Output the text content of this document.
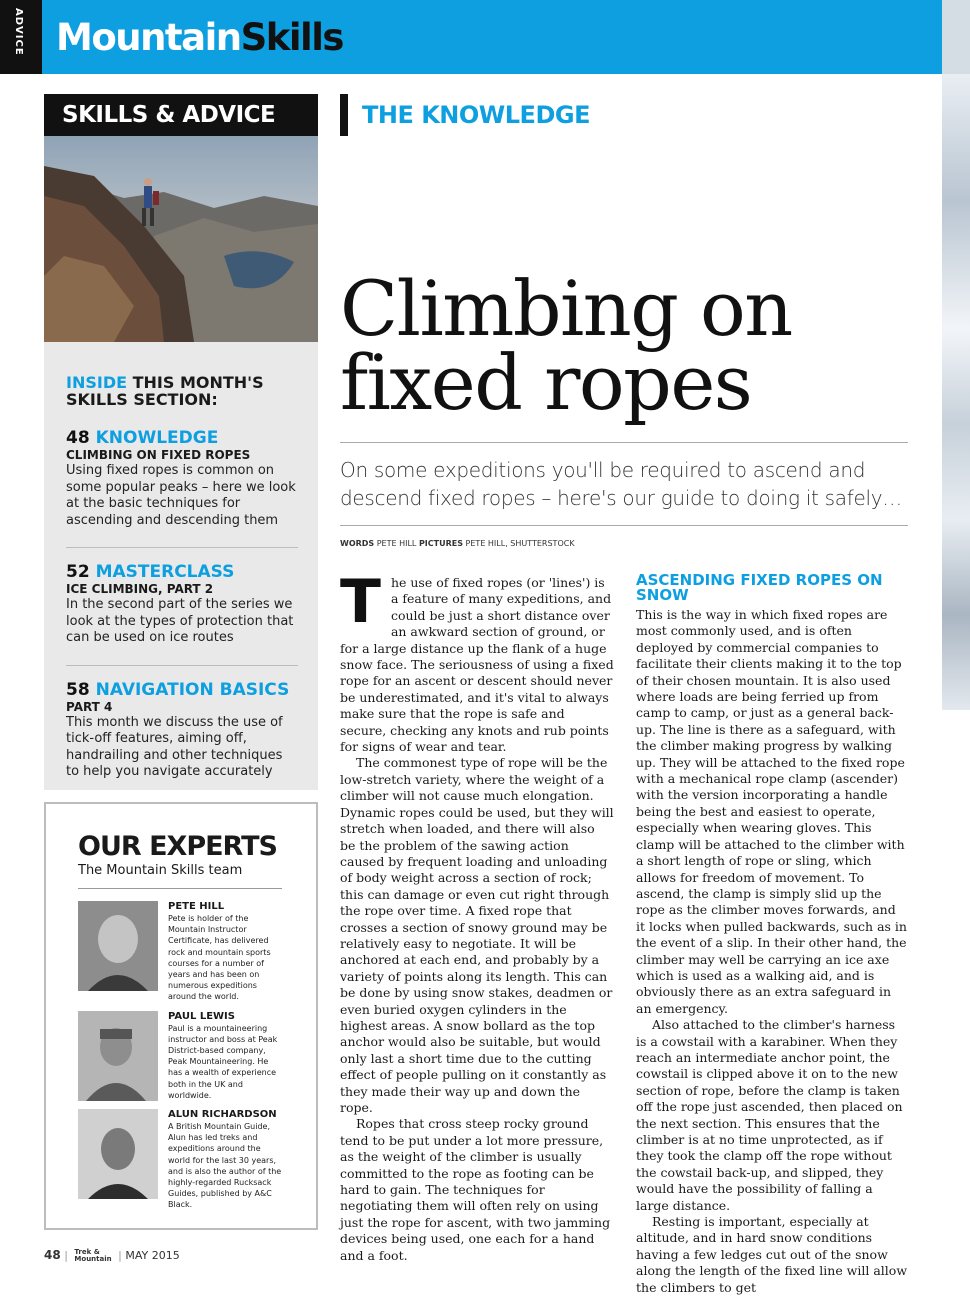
ADVICE MountainSkills
SKILLS & ADVICE
INSIDE THIS MONTH'S
SKILLS SECTION:
48 KNOWLEDGE
CLIMBING ON FIXED ROPES
Using fixed ropes is common on some popular peaks – here we look at the basic techniques for ascending and descending them
52 MASTERCLASS
ICE CLIMBING, PART 2
In the second part of the series we look at the types of protection that can be used on ice routes
58 NAVIGATION BASICS
PART 4
This month we discuss the use of tick-off features, aiming off, handrailing and other techniques to help you navigate accurately
OUR EXPERTS
The Mountain Skills team
PETE HILL
Pete is holder of the Mountain Instructor Certificate, has delivered rock and mountain sports courses for a number of years and has been on numerous expeditions around the world.
PAUL LEWIS
Paul is a mountaineering instructor and boss at Peak District-based company, Peak Mountaineering. He has a wealth of experience both in the UK and worldwide.
ALUN RICHARDSON
A British Mountain Guide, Alun has led treks and expeditions around the world for the last 30 years, and is also the author of the highly-regarded Rucksack Guides, published by A&C Black.
THE KNOWLEDGE
Climbing on
fixed ropes
On some expeditions you'll be required to ascend and descend fixed ropes – here's our guide to doing it safely…
WORDS PETE HILL PICTURES PETE HILL, SHUTTERSTOCK
T he use of fixed ropes (or 'lines') is a feature of many expeditions, and could be just a short distance over an awkward section of ground, or for a large distance up the flank of a huge snow face. The seriousness of using a fixed rope for an ascent or descent should never be underestimated, and it's vital to always make sure that the rope is safe and secure, checking any knots and rub points for signs of wear and tear.

The commonest type of rope will be the low-stretch variety, where the weight of a climber will not cause much elongation. Dynamic ropes could be used, but they will stretch when loaded, and there will also be the problem of the sawing action caused by frequent loading and unloading of body weight across a section of rock; this can damage or even cut right through the rope over time. A fixed rope that crosses a section of snowy ground may be relatively easy to negotiate. It will be anchored at each end, and probably by a variety of points along its length. This can be done by using snow stakes, deadmen or even buried oxygen cylinders in the highest areas. A snow bollard as the top anchor would also be suitable, but would only last a short time due to the cutting effect of people pulling on it constantly as they made their way up and down the rope.

Ropes that cross steep rocky ground tend to be put under a lot more pressure, as the weight of the climber is usually committed to the rope as footing can be hard to gain. The techniques for negotiating them will often rely on using just the rope for ascent, with two jamming devices being used, one each for a hand and a foot.

ASCENDING FIXED ROPES ON SNOW

This is the way in which fixed ropes are most commonly used, and is often deployed by commercial companies to facilitate their clients making it to the top of their chosen mountain. It is also used where loads are being ferried up from camp to camp, or just as a general back-up. The line is there as a safeguard, with the climber making progress by walking up. They will be attached to the fixed rope with a mechanical rope clamp (ascender) with the version incorporating a handle being the best and easiest to operate, especially when wearing gloves. This clamp will be attached to the climber with a short length of rope or sling, which allows for freedom of movement. To ascend, the clamp is simply slid up the rope as the climber moves forwards, and it locks when pulled backwards, such as in the event of a slip. In their other hand, the climber may well be carrying an ice axe which is used as a walking aid, and is obviously there as an extra safeguard in an emergency.

Also attached to the climber's harness is a cowstail with a karabiner. When they reach an intermediate anchor point, the cowstail is clipped above it on to the new section of rope, before the clamp is taken off the rope just ascended, then placed on the next section. This ensures that the climber is at no time unprotected, as if they took the clamp off the rope without the cowstail back-up, and slipped, they would have the possibility of falling a large distance.

Resting is important, especially at altitude, and in hard snow conditions having a few ledges cut out of the snow along the length of the fixed line will allow the climbers to get

48 | Trek &
Mountain | MAY 2015
